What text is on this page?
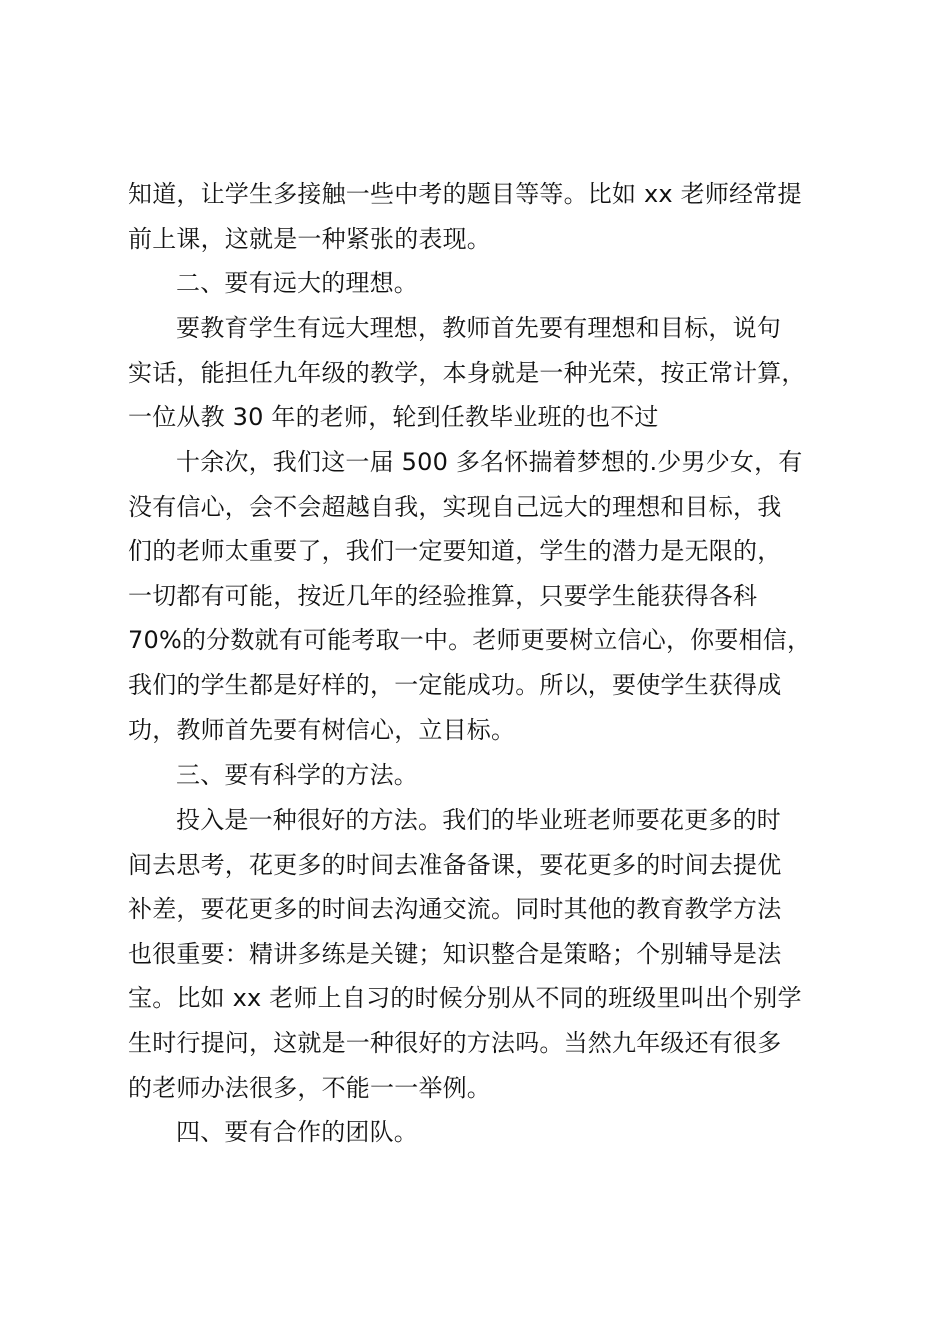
知道，让学生多接触一些中考的题目等等。比如 xx 老师经常提
前上课，这就是一种紧张的表现。
二、要有远大的理想。
要教育学生有远大理想，教师首先要有理想和目标，说句
实话，能担任九年级的教学，本身就是一种光荣，按正常计算，
一位从教 30 年的老师，轮到任教毕业班的也不过
十余次，我们这一届 500 多名怀揣着梦想的.少男少女，有
没有信心，会不会超越自我，实现自己远大的理想和目标，我
们的老师太重要了，我们一定要知道，学生的潜力是无限的，
一切都有可能，按近几年的经验推算，只要学生能获得各科
70%的分数就有可能考取一中。老师更要树立信心，你要相信，
我们的学生都是好样的，一定能成功。所以，要使学生获得成
功，教师首先要有树信心，立目标。
三、要有科学的方法。
投入是一种很好的方法。我们的毕业班老师要花更多的时
间去思考，花更多的时间去准备备课，要花更多的时间去提优
补差，要花更多的时间去沟通交流。同时其他的教育教学方法
也很重要：精讲多练是关键；知识整合是策略；个别辅导是法
宝。比如 xx 老师上自习的时候分别从不同的班级里叫出个别学
生时行提问，这就是一种很好的方法吗。当然九年级还有很多
的老师办法很多，不能一一举例。
四、要有合作的团队。
